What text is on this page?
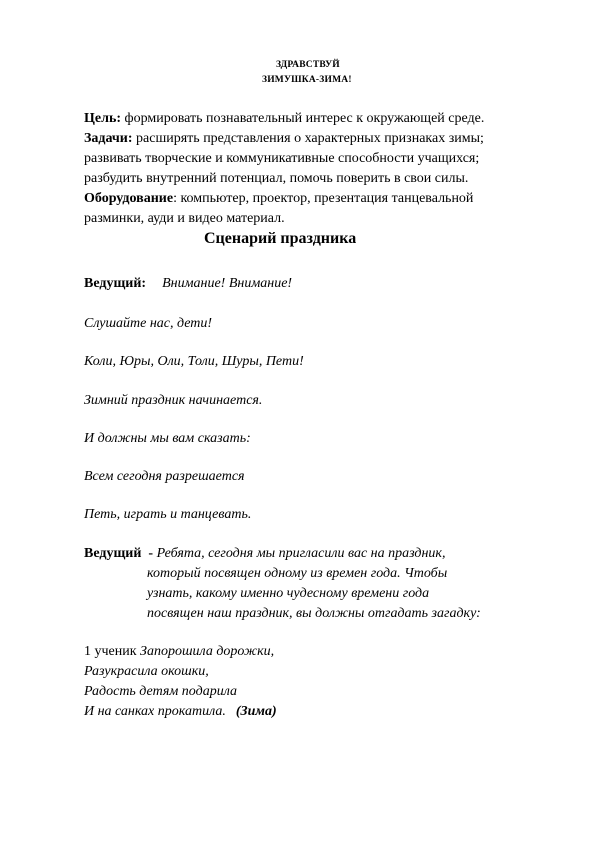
ЗДРАВСТВУЙ
ЗИМУШКА-ЗИМА!
Цель: формировать познавательный интерес к окружающей среде.
Задачи: расширять представления о характерных признаках зимы;
развивать творческие и коммуникативные способности учащихся;
разбудить внутренний потенциал, помочь поверить в свои силы.
Оборудование: компьютер, проектор, презентация танцевальной
разминки, ауди и видео материал.
Сценарий праздника
Ведущий: Внимание! Внимание!
Слушайте нас, дети!
Коли, Юры, Оли, Толи, Шуры, Пети!
Зимний праздник начинается.
И должны мы вам сказать:
Всем сегодня разрешается
Петь, играть и танцевать.
Ведущий  - Ребята, сегодня мы пригласили вас на праздник,
который посвящен одному из времен года. Чтобы
узнать, какому именно чудесному времени года
посвящен наш праздник, вы должны отгадать загадку:
1 ученик Запорошила дорожки,
Разукрасила окошки,
Радость детям подарила
И на санках прокатила. (Зима)
